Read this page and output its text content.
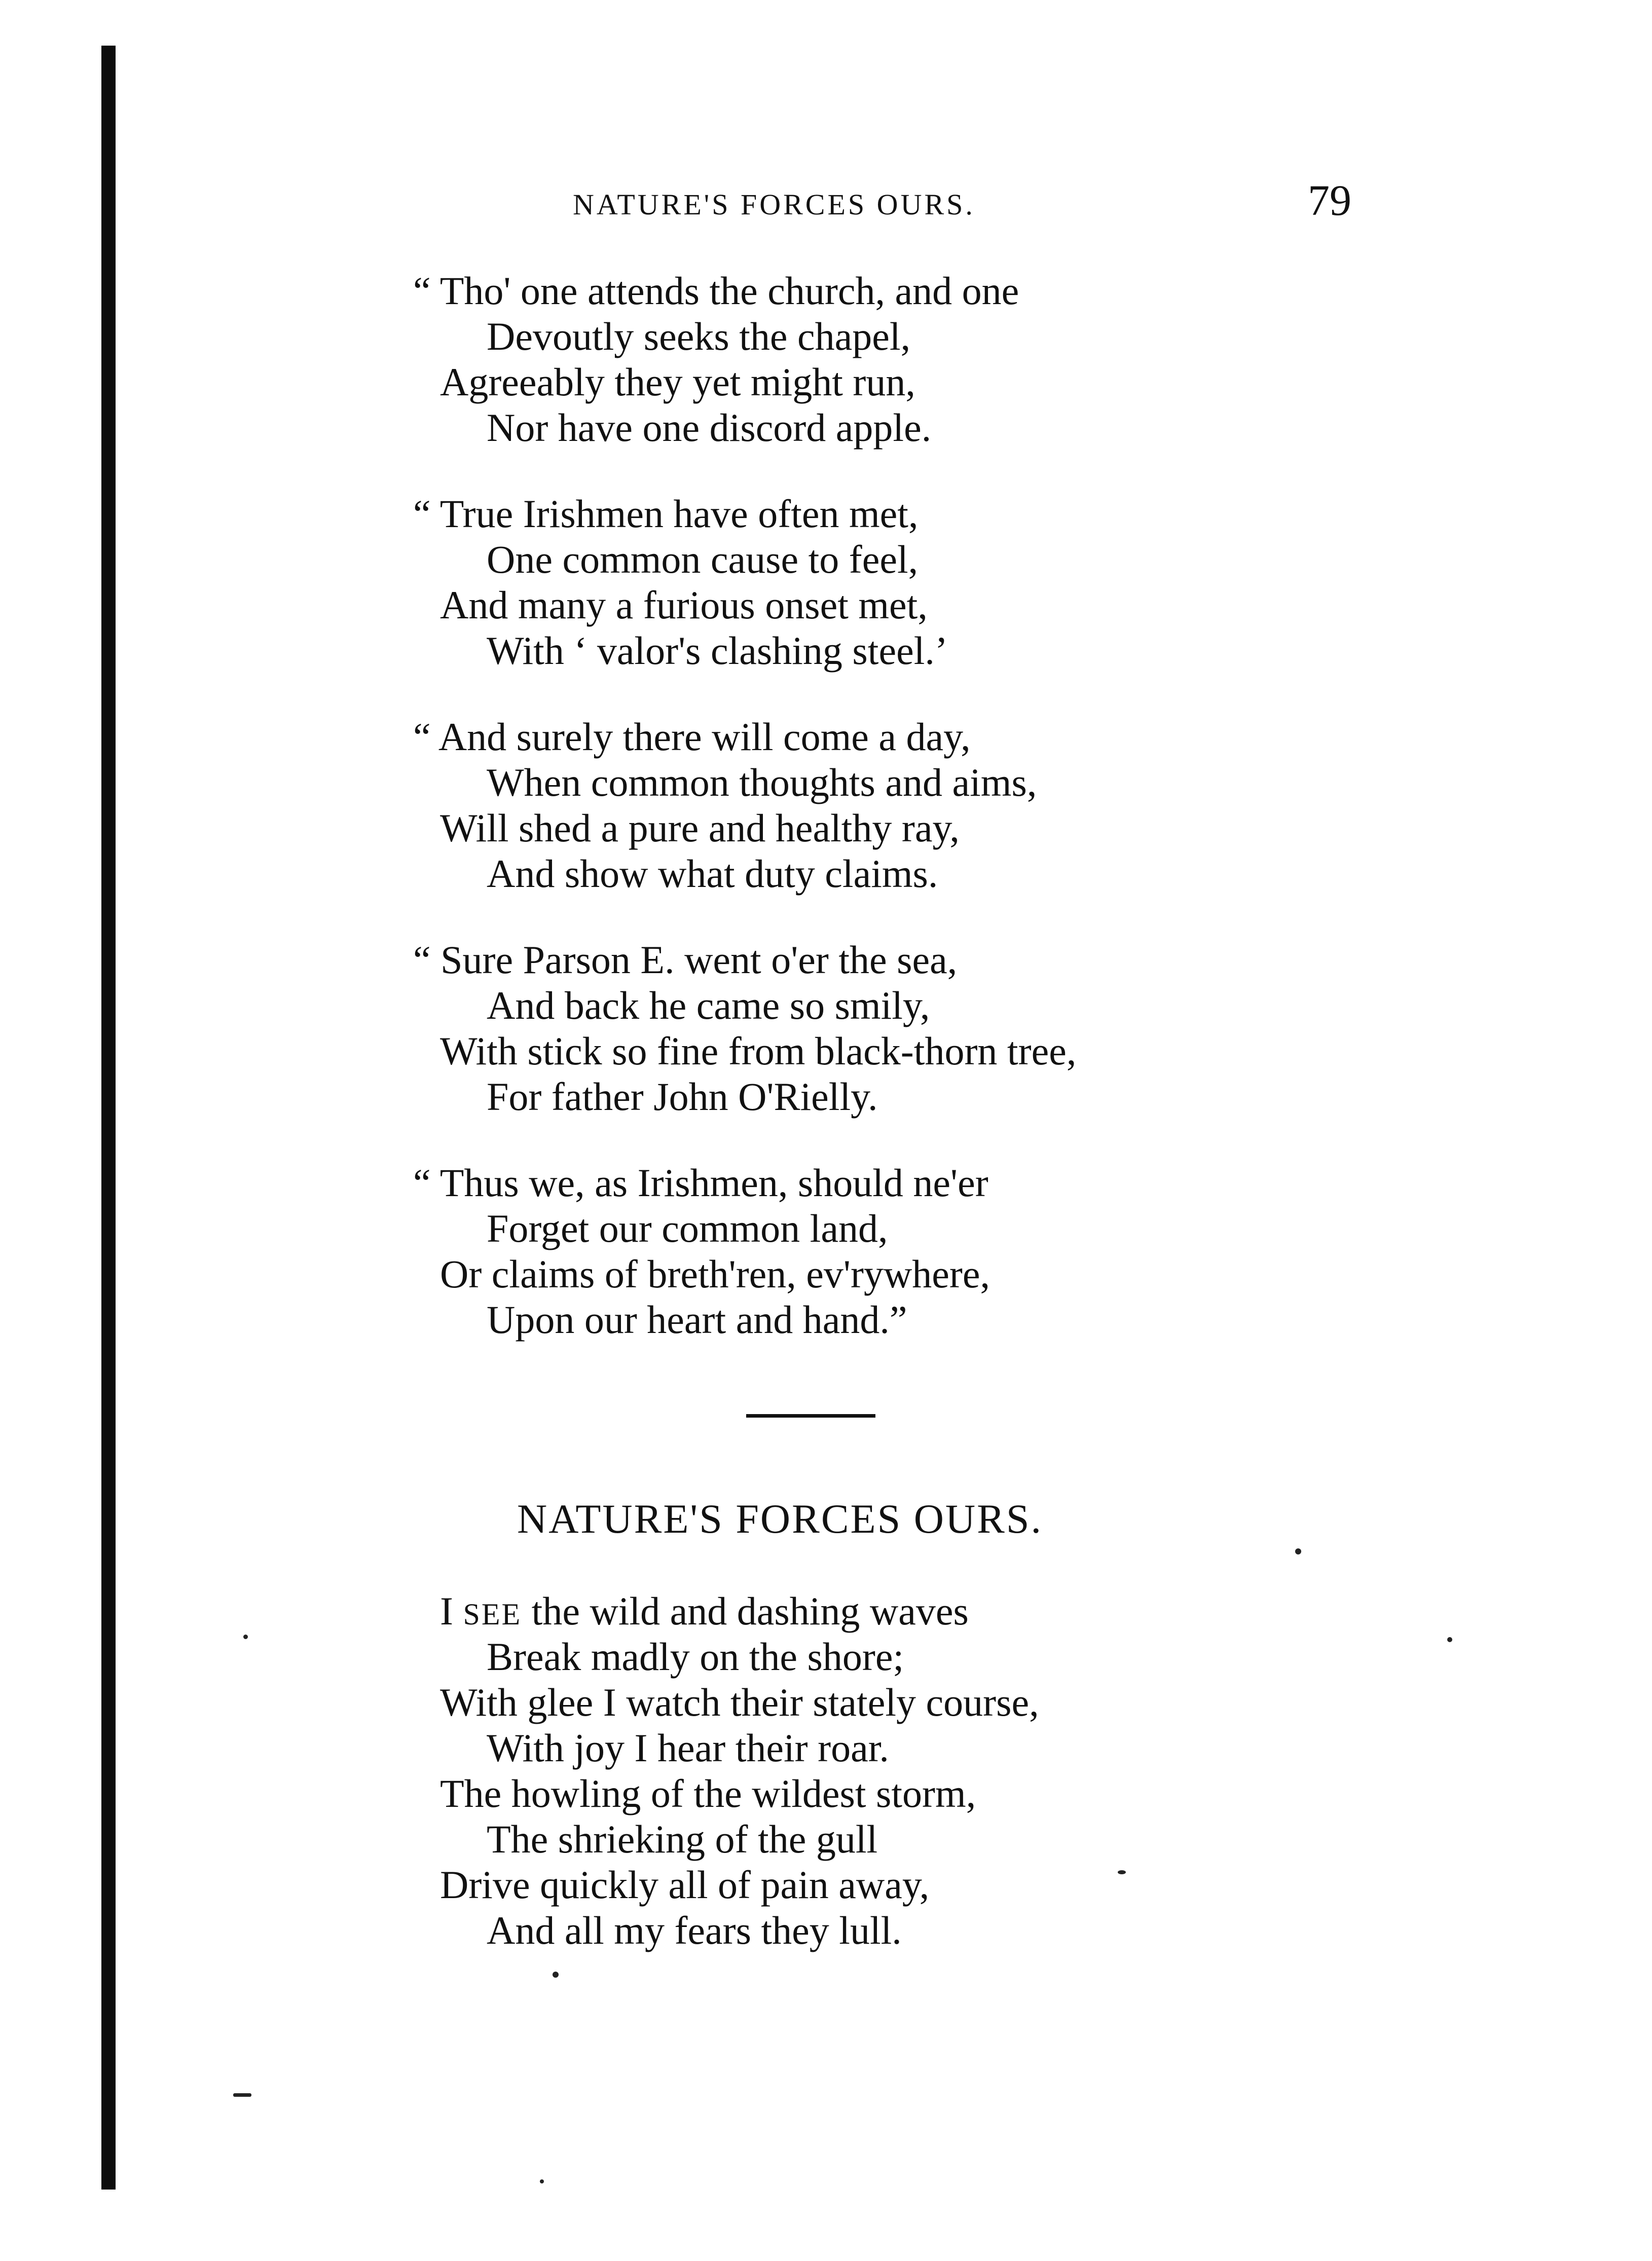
NATURE'S FORCES OURS.	79
“ Tho' one attends the church, and one
Devoutly seeks the chapel,
Agreeably they yet might run,
Nor have one discord apple.
“ True Irishmen have often met,
One common cause to feel,
And many a furious onset met,
With ‘ valor's clashing steel.’
“ And surely there will come a day,
When common thoughts and aims,
Will shed a pure and healthy ray,
And show what duty claims.
“ Sure Parson E. went o'er the sea,
And back he came so smily,
With stick so fine from black-thorn tree,
For father John O'Rielly.
“ Thus we, as Irishmen, should ne'er
Forget our common land,
Or claims of breth'ren, ev'rywhere,
Upon our heart and hand.”
NATURE'S FORCES OURS.
I SEE the wild and dashing waves
Break madly on the shore;
With glee I watch their stately course,
With joy I hear their roar.
The howling of the wildest storm,
The shrieking of the gull
Drive quickly all of pain away,
And all my fears they lull.
